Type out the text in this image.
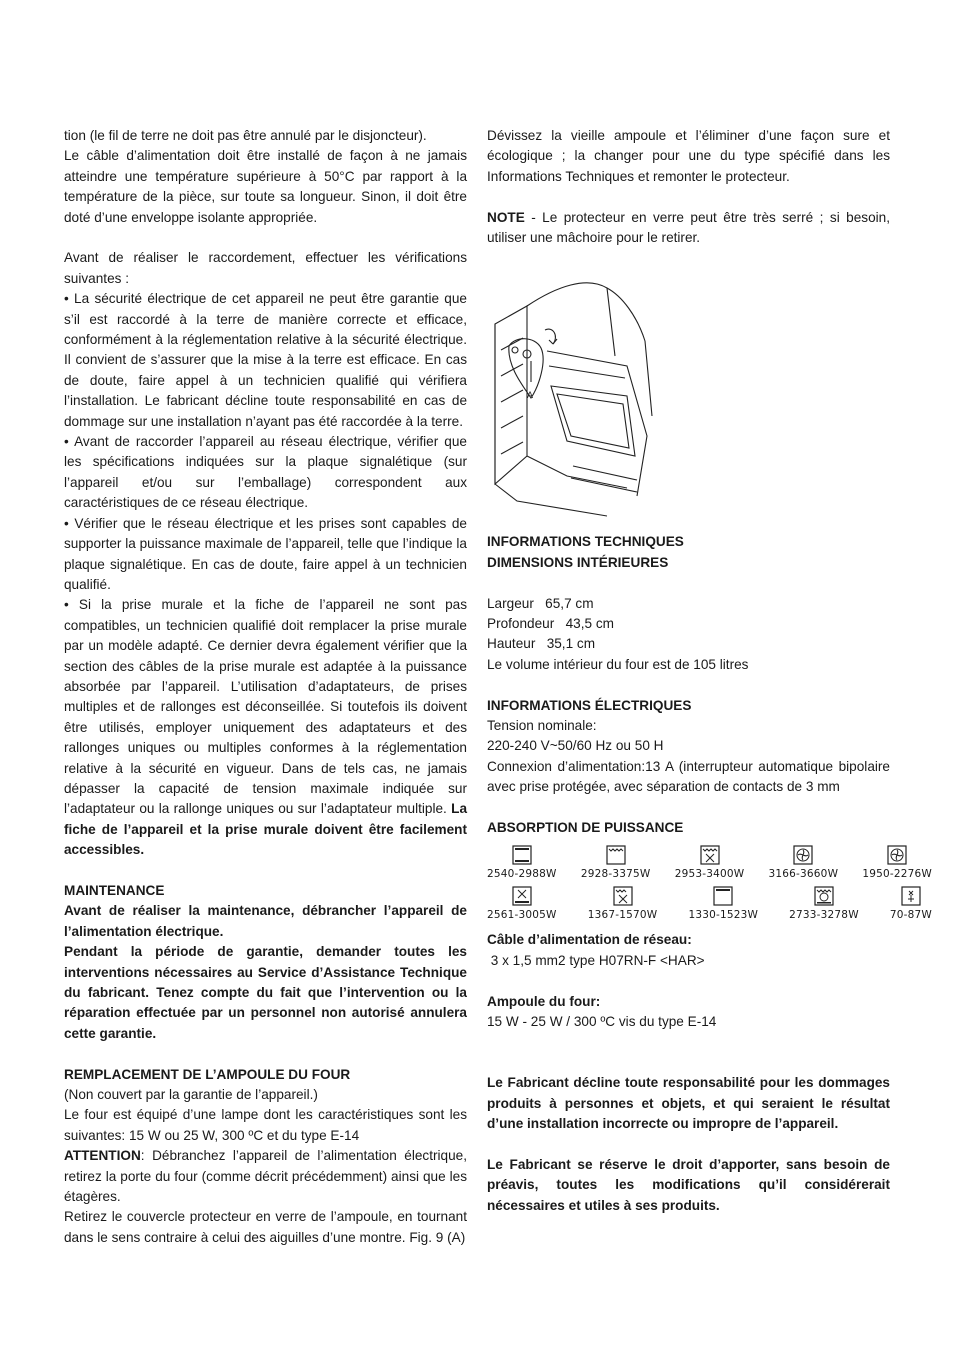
tion (le fil de terre ne doit pas être annulé par le disjoncteur).

Le câble d’alimentation doit être installé de façon à ne jamais atteindre une température supérieure à 50°C par rapport à la température de la pièce, sur toute sa longueur. Sinon, il doit être doté d’une enveloppe isolante appropriée.

Avant de réaliser le raccordement, effectuer les vérifications suivantes :

• La sécurité électrique de cet appareil ne peut être garantie que s’il est raccordé à la terre de manière correcte et efficace, conformément à la réglementation relative à la sécurité électrique. Il convient de s’assurer que la mise à la terre est efficace. En cas de doute, faire appel à un technicien qualifié qui vérifiera l’installation. Le fabricant décline toute responsabilité en cas de dommage sur une installation n’ayant pas été raccordée à la terre.

• Avant de raccorder l’appareil au réseau électrique, vérifier que les spécifications indiquées sur la plaque signalétique (sur l’appareil et/ou sur l’emballage) correspondent aux caractéristiques de ce réseau électrique.

• Vérifier que le réseau électrique et les prises sont capables de supporter la puissance maximale de l’appareil, telle que l’indique la plaque signalétique. En cas de doute, faire appel à un technicien qualifié.

• Si la prise murale et la fiche de l’appareil ne sont pas compatibles, un technicien qualifié doit remplacer la prise murale par un modèle adapté. Ce dernier devra également vérifier que la section des câbles de la prise murale est adaptée à la puissance absorbée par l’appareil. L’utilisation d’adaptateurs, de prises multiples et de rallonges est déconseillée. Si toutefois ils doivent être utilisés, employer uniquement des adaptateurs et des rallonges uniques ou multiples conformes à la réglementation relative à la sécurité en vigueur. Dans de tels cas, ne jamais dépasser la capacité de tension maximale indiquée sur l’adaptateur ou la rallonge uniques ou sur l’adaptateur multiple. La fiche de l’appareil et la prise murale doivent être facilement accessibles.

MAINTENANCE

Avant de réaliser la maintenance, débrancher l’appareil de l’alimentation électrique.

Pendant la période de garantie, demander toutes les interventions nécessaires au Service d’Assistance Technique du fabricant. Tenez compte du fait que l’intervention ou la réparation effectuée par un personnel non autorisé annulera cette garantie.

REMPLACEMENT DE L’AMPOULE DU FOUR

(Non couvert par la garantie de l’appareil.)

Le four est équipé d’une lampe dont les caractéristiques sont les suivantes: 15 W ou 25 W, 300 ºC et du type E-14

ATTENTION: Débranchez l’appareil de l’alimentation électrique, retirez la porte du four (comme décrit précédemment) ainsi que les étagères.

Retirez le couvercle protecteur en verre de l’ampoule, en tournant dans le sens contraire à celui des aiguilles d’une montre. Fig. 9 (A)

Dévissez la vieille ampoule et l’éliminer d’une façon sure et écologique ; la changer pour une du type spécifié dans les Informations Techniques et remonter le protecteur.

NOTE - Le protecteur en verre peut être très serré ; si besoin, utiliser une mâchoire pour le retirer.

A

INFORMATIONS TECHNIQUES

DIMENSIONS INTÉRIEURES

Largeur   65,7 cm

Profondeur   43,5 cm

Hauteur   35,1 cm

Le volume intérieur du four est de 105 litres

INFORMATIONS ÉLECTRIQUES

Tension nominale:

220-240 V~50/60 Hz ou 50 H

Connexion d’alimentation:13 A (interrupteur automatique bipolaire avec prise protégée, avec séparation de contacts de 3 mm

ABSORPTION DE PUISSANCE

2540-2988W 2928-3375W 2953-3400W 3166-3660W 1950-2276W
2561-3005W	1367-1570W	1330-1523W	2733-3278W	70-87W

Câble d’alimentation de réseau:

3 x 1,5 mm2 type H07RN-F <HAR>

Ampoule du four:

15 W - 25 W / 300 ºC vis du type E-14

Le Fabricant décline toute responsabilité pour les dommages produits à personnes et objets, et qui seraient le résultat d’une installation incorrecte ou impropre de l’appareil.

Le Fabricant se réserve le droit d’apporter, sans besoin de préavis, toutes les modifications qu’il considérerait nécessaires et utiles à ses produits.
